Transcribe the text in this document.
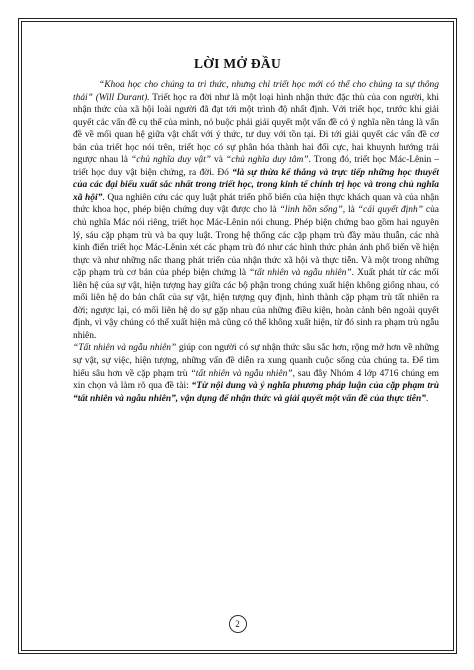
LỜI MỞ ĐẦU

“Khoa học cho chúng ta tri thức, nhưng chỉ triết học mới có thể cho chúng ta sự thông thái” (Will Durant). Triết học ra đời như là một loại hình nhận thức đặc thù của con người, khi nhận thức của xã hội loài người đã đạt tới một trình độ nhất định. Với triết học, trước khi giải quyết các vấn đề cụ thể của mình, nó buộc phải giải quyết một vấn đề có ý nghĩa nền tảng là vấn đề về mối quan hệ giữa vật chất với ý thức, tư duy với tồn tại. Đi tới giải quyết các vấn đề cơ bản của triết học nói trên, triết học có sự phân hóa thành hai đối cực, hai khuynh hướng trái ngược nhau là “chủ nghĩa duy vật” và “chủ nghĩa duy tâm”. Trong đó, triết học Mác-Lênin – triết học duy vật biện chứng, ra đời. Đó “là sự thừa kế thẳng và trực tiếp những học thuyết của các đại biểu xuất sắc nhất trong triết học, trong kinh tế chính trị học và trong chủ nghĩa xã hội”. Qua nghiên cứu các quy luật phát triển phổ biến của hiện thực khách quan và của nhận thức khoa học, phép biện chứng duy vật được cho là “linh hồn sống”, là “cái quyết định” của chủ nghĩa Mác nói riêng, triết học Mác-Lênin nói chung. Phép biện chứng bao gồm hai nguyên lý, sáu cặp phạm trù và ba quy luật. Trong hệ thống các cặp phạm trù đầy màu thuẫn, các nhà kinh điển triết học Mác-Lênin xét các phạm trù đó như các hình thức phản ánh phổ biến về hiện thực và như những nấc thang phát triển của nhận thức xã hội và thực tiễn. Và một trong những cặp phạm trù cơ bản của phép biện chứng là “tất nhiên và ngẫu nhiên”. Xuất phát từ các mối liên hệ của sự vật, hiện tượng hay giữa các bộ phận trong chúng xuất hiện không giống nhau, có mối liên hệ do bản chất của sự vật, hiện tượng quy định, hình thành cặp phạm trù tất nhiên ra đời; ngược lại, có mối liên hệ do sự gặp nhau của những điều kiện, hoàn cảnh bên ngoài quyết định, vì vậy chúng có thể xuất hiện mà cũng có thể không xuất hiện, từ đó sinh ra phạm trù ngẫu nhiên.

“Tất nhiên và ngẫu nhiên” giúp con người có sự nhận thức sâu sắc hơn, rộng mở hơn về những sự vật, sự việc, hiện tượng, những vấn đề diễn ra xung quanh cuộc sống của chúng ta. Để tìm hiểu sâu hơn về cặp phạm trù “tất nhiên và ngẫu nhiên”, sau đây Nhóm 4 lớp 4716 chúng em xin chọn và làm rõ qua đề tài: “Từ nội dung và ý nghĩa phương pháp luận của cặp phạm trù “tất nhiên và ngẫu nhiên”, vận dụng để nhận thức và giải quyết một vấn đề của thực tiễn”.

2
